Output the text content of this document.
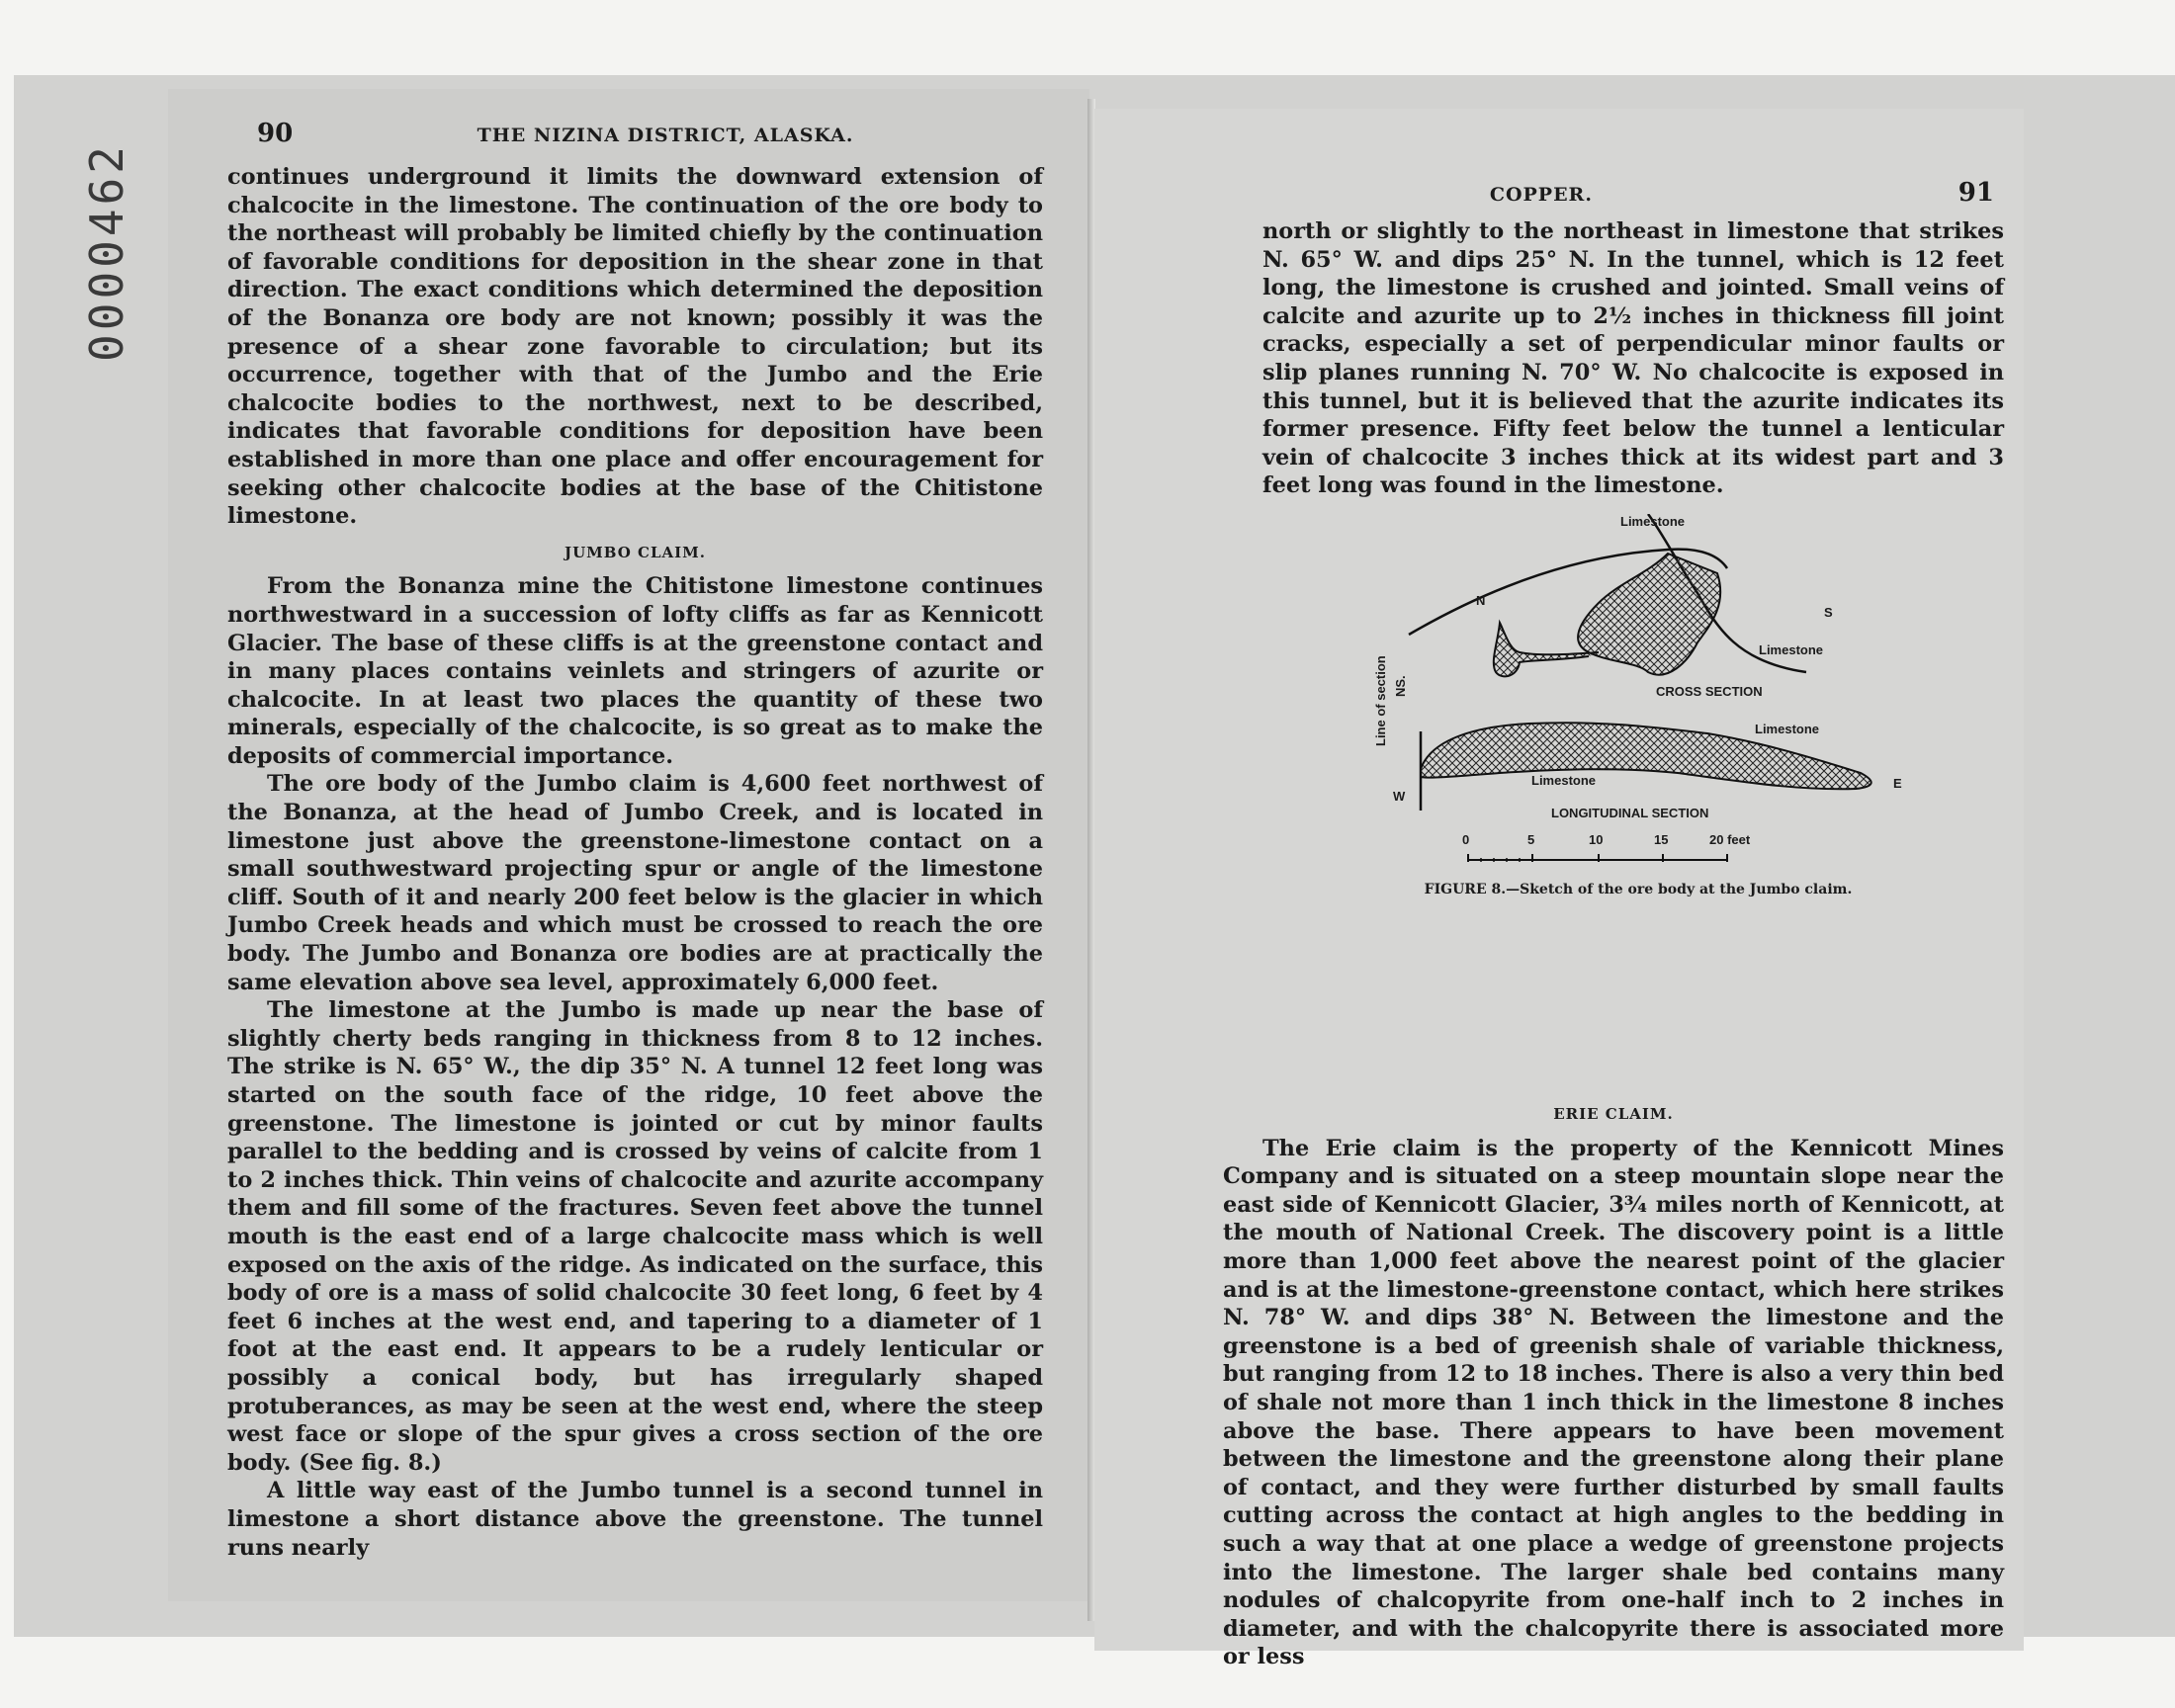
0000462
90	THE NIZINA DISTRICT, ALASKA.

continues underground it limits the downward extension of chalcocite in the limestone. The continuation of the ore body to the northeast will probably be limited chiefly by the continuation of favorable conditions for deposition in the shear zone in that direction. The exact conditions which determined the deposition of the Bonanza ore body are not known; possibly it was the presence of a shear zone favorable to circulation; but its occurrence, together with that of the Jumbo and the Erie chalcocite bodies to the northwest, next to be described, indicates that favorable conditions for deposition have been established in more than one place and offer encouragement for seeking other chalcocite bodies at the base of the Chitistone limestone.

JUMBO CLAIM.

From the Bonanza mine the Chitistone limestone continues northwestward in a succession of lofty cliffs as far as Kennicott Glacier. The base of these cliffs is at the greenstone contact and in many places contains veinlets and stringers of azurite or chalcocite. In at least two places the quantity of these two minerals, especially of the chalcocite, is so great as to make the deposits of commercial importance.

The ore body of the Jumbo claim is 4,600 feet northwest of the Bonanza, at the head of Jumbo Creek, and is located in limestone just above the greenstone-limestone contact on a small southwestward projecting spur or angle of the limestone cliff. South of it and nearly 200 feet below is the glacier in which Jumbo Creek heads and which must be crossed to reach the ore body. The Jumbo and Bonanza ore bodies are at practically the same elevation above sea level, approximately 6,000 feet.

The limestone at the Jumbo is made up near the base of slightly cherty beds ranging in thickness from 8 to 12 inches. The strike is N. 65° W., the dip 35° N. A tunnel 12 feet long was started on the south face of the ridge, 10 feet above the greenstone. The limestone is jointed or cut by minor faults parallel to the bedding and is crossed by veins of calcite from 1 to 2 inches thick. Thin veins of chalcocite and azurite accompany them and fill some of the fractures. Seven feet above the tunnel mouth is the east end of a large chalcocite mass which is well exposed on the axis of the ridge. As indicated on the surface, this body of ore is a mass of solid chalcocite 30 feet long, 6 feet by 4 feet 6 inches at the west end, and tapering to a diameter of 1 foot at the east end. It appears to be a rudely lenticular or possibly a conical body, but has irregularly shaped protuberances, as may be seen at the west end, where the steep west face or slope of the spur gives a cross section of the ore body. (See fig. 8.)

A little way east of the Jumbo tunnel is a second tunnel in limestone a short distance above the greenstone. The tunnel runs nearly

COPPER.	91

north or slightly to the northeast in limestone that strikes N. 65° W. and dips 25° N. In the tunnel, which is 12 feet long, the limestone is crushed and jointed. Small veins of calcite and azurite up to 2½ inches in thickness fill joint cracks, especially a set of perpendicular minor faults or slip planes running N. 70° W. No chalcocite is exposed in this tunnel, but it is believed that the azurite indicates its former presence. Fifty feet below the tunnel a lenticular vein of chalcocite 3 inches thick at its widest part and 3 feet long was found in the limestone.

Limestone
N
S
Limestone
CROSS SECTION
Line of section NS.
Limestone
W
Limestone	E
LONGITUDINAL SECTION
0	5	10	15	20 feet
FIGURE 8.—Sketch of the ore body at the Jumbo claim.
ERIE CLAIM.

The Erie claim is the property of the Kennicott Mines Company and is situated on a steep mountain slope near the east side of Kennicott Glacier, 3¾ miles north of Kennicott, at the mouth of National Creek. The discovery point is a little more than 1,000 feet above the nearest point of the glacier and is at the limestone-greenstone contact, which here strikes N. 78° W. and dips 38° N. Between the limestone and the greenstone is a bed of greenish shale of variable thickness, but ranging from 12 to 18 inches. There is also a very thin bed of shale not more than 1 inch thick in the limestone 8 inches above the base. There appears to have been movement between the limestone and the greenstone along their plane of contact, and they were further disturbed by small faults cutting across the contact at high angles to the bedding in such a way that at one place a wedge of greenstone projects into the limestone. The larger shale bed contains many nodules of chalcopyrite from one-half inch to 2 inches in diameter, and with the chalcopyrite there is associated more or less
